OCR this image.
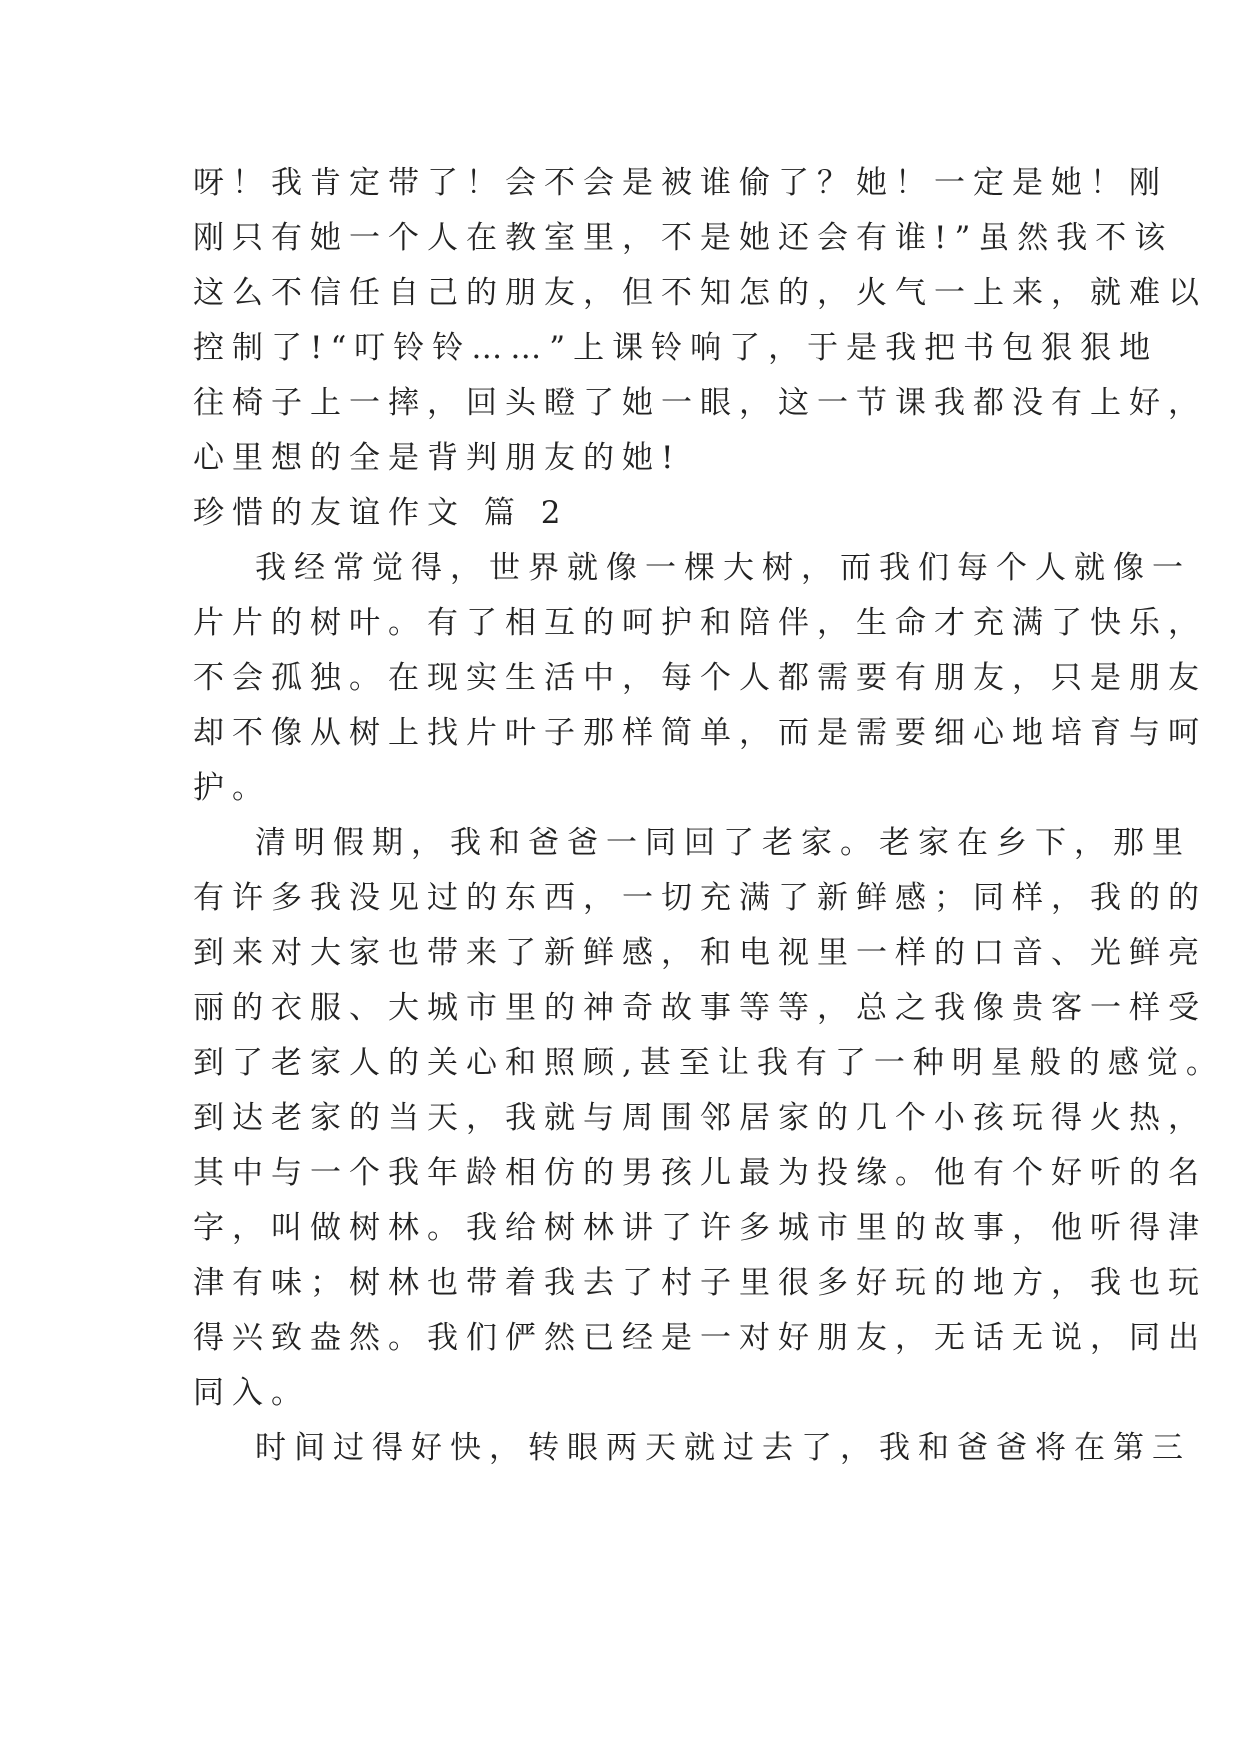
呀！我肯定带了！会不会是被谁偷了？她！一定是她！刚

刚只有她一个人在教室里，不是她还会有谁!”虽然我不该

这么不信任自己的朋友，但不知怎的，火气一上来，就难以

控制了!“叮铃铃……”上课铃响了，于是我把书包狠狠地

往椅子上一摔，回头瞪了她一眼，这一节课我都没有上好，

心里想的全是背判朋友的她!

珍惜的友谊作文 篇 2

我经常觉得，世界就像一棵大树，而我们每个人就像一

片片的树叶。有了相互的呵护和陪伴，生命才充满了快乐，

不会孤独。在现实生活中，每个人都需要有朋友，只是朋友

却不像从树上找片叶子那样简单，而是需要细心地培育与呵

护。

清明假期，我和爸爸一同回了老家。老家在乡下，那里

有许多我没见过的东西，一切充满了新鲜感；同样，我的的

到来对大家也带来了新鲜感，和电视里一样的口音、光鲜亮

丽的衣服、大城市里的神奇故事等等，总之我像贵客一样受

到了老家人的关心和照顾,甚至让我有了一种明星般的感觉。

到达老家的当天，我就与周围邻居家的几个小孩玩得火热，

其中与一个我年龄相仿的男孩儿最为投缘。他有个好听的名

字，叫做树林。我给树林讲了许多城市里的故事，他听得津

津有味；树林也带着我去了村子里很多好玩的地方，我也玩

得兴致盎然。我们俨然已经是一对好朋友，无话无说，同出

同入。

时间过得好快，转眼两天就过去了，我和爸爸将在第三
